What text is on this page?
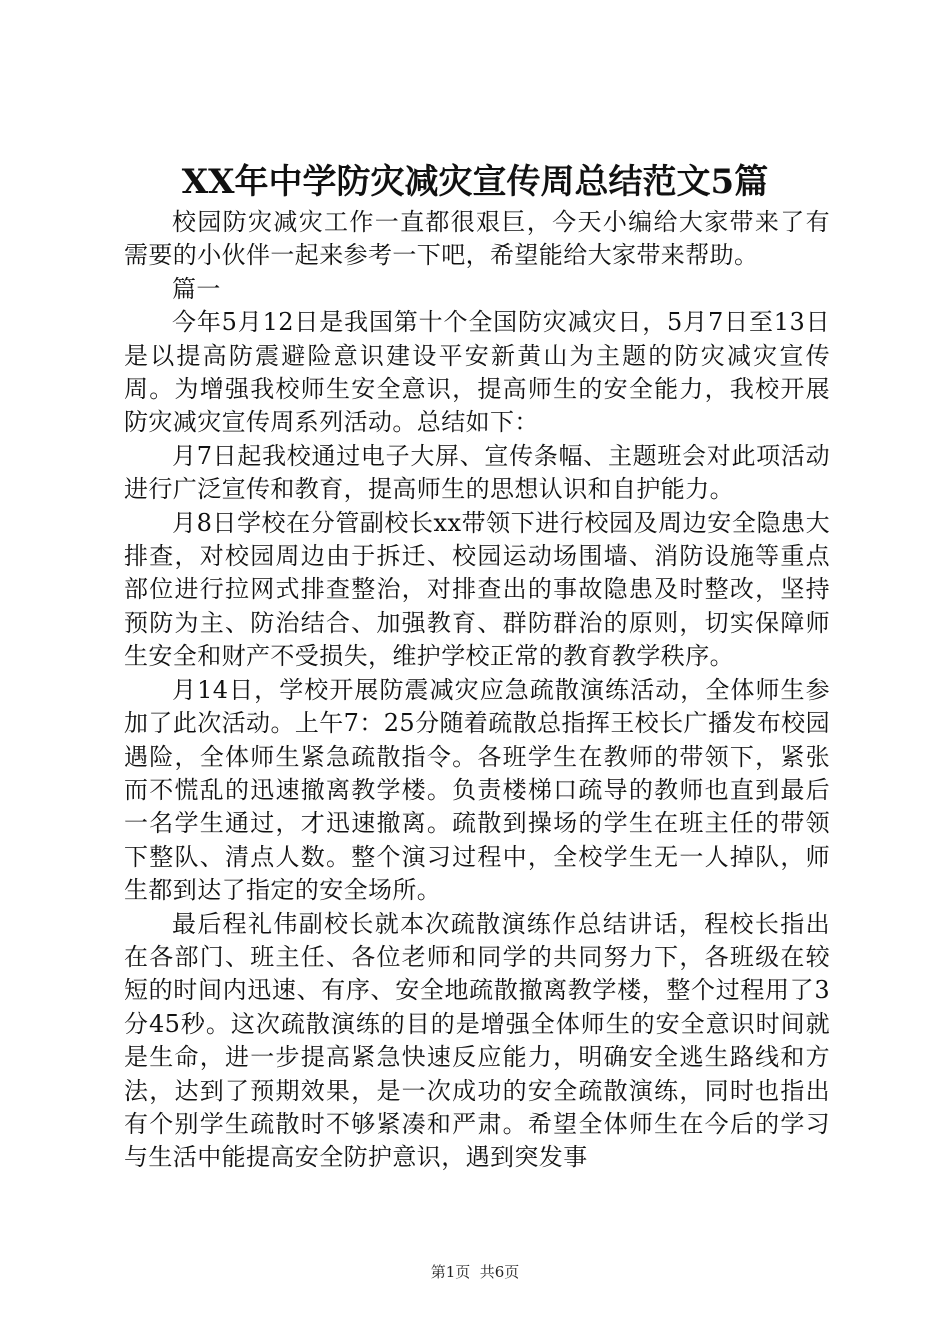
XX年中学防灾减灾宣传周总结范文5篇

校园防灾减灾工作一直都很艰巨，今天小编给大家带来了有需要的小伙伴一起来参考一下吧，希望能给大家带来帮助。

篇一

今年5月12日是我国第十个全国防灾减灾日，5月7日至13日是以提高防震避险意识建设平安新黄山为主题的防灾减灾宣传周。为增强我校师生安全意识，提高师生的安全能力，我校开展防灾减灾宣传周系列活动。总结如下：

月7日起我校通过电子大屏、宣传条幅、主题班会对此项活动进行广泛宣传和教育，提高师生的思想认识和自护能力。

月8日学校在分管副校长xx带领下进行校园及周边安全隐患大排查，对校园周边由于拆迁、校园运动场围墙、消防设施等重点部位进行拉网式排查整治，对排查出的事故隐患及时整改，坚持预防为主、防治结合、加强教育、群防群治的原则，切实保障师生安全和财产不受损失，维护学校正常的教育教学秩序。

月14日，学校开展防震减灾应急疏散演练活动，全体师生参加了此次活动。上午7：25分随着疏散总指挥王校长广播发布校园遇险，全体师生紧急疏散指令。各班学生在教师的带领下，紧张而不慌乱的迅速撤离教学楼。负责楼梯口疏导的教师也直到最后一名学生通过，才迅速撤离。疏散到操场的学生在班主任的带领下整队、清点人数。整个演习过程中，全校学生无一人掉队，师生都到达了指定的安全场所。

最后程礼伟副校长就本次疏散演练作总结讲话，程校长指出在各部门、班主任、各位老师和同学的共同努力下，各班级在较短的时间内迅速、有序、安全地疏散撤离教学楼，整个过程用了3分45秒。这次疏散演练的目的是增强全体师生的安全意识时间就是生命，进一步提高紧急快速反应能力，明确安全逃生路线和方法，达到了预期效果，是一次成功的安全疏散演练，同时也指出有个别学生疏散时不够紧凑和严肃。希望全体师生在今后的学习与生活中能提高安全防护意识，遇到突发事

第1页  共6页
